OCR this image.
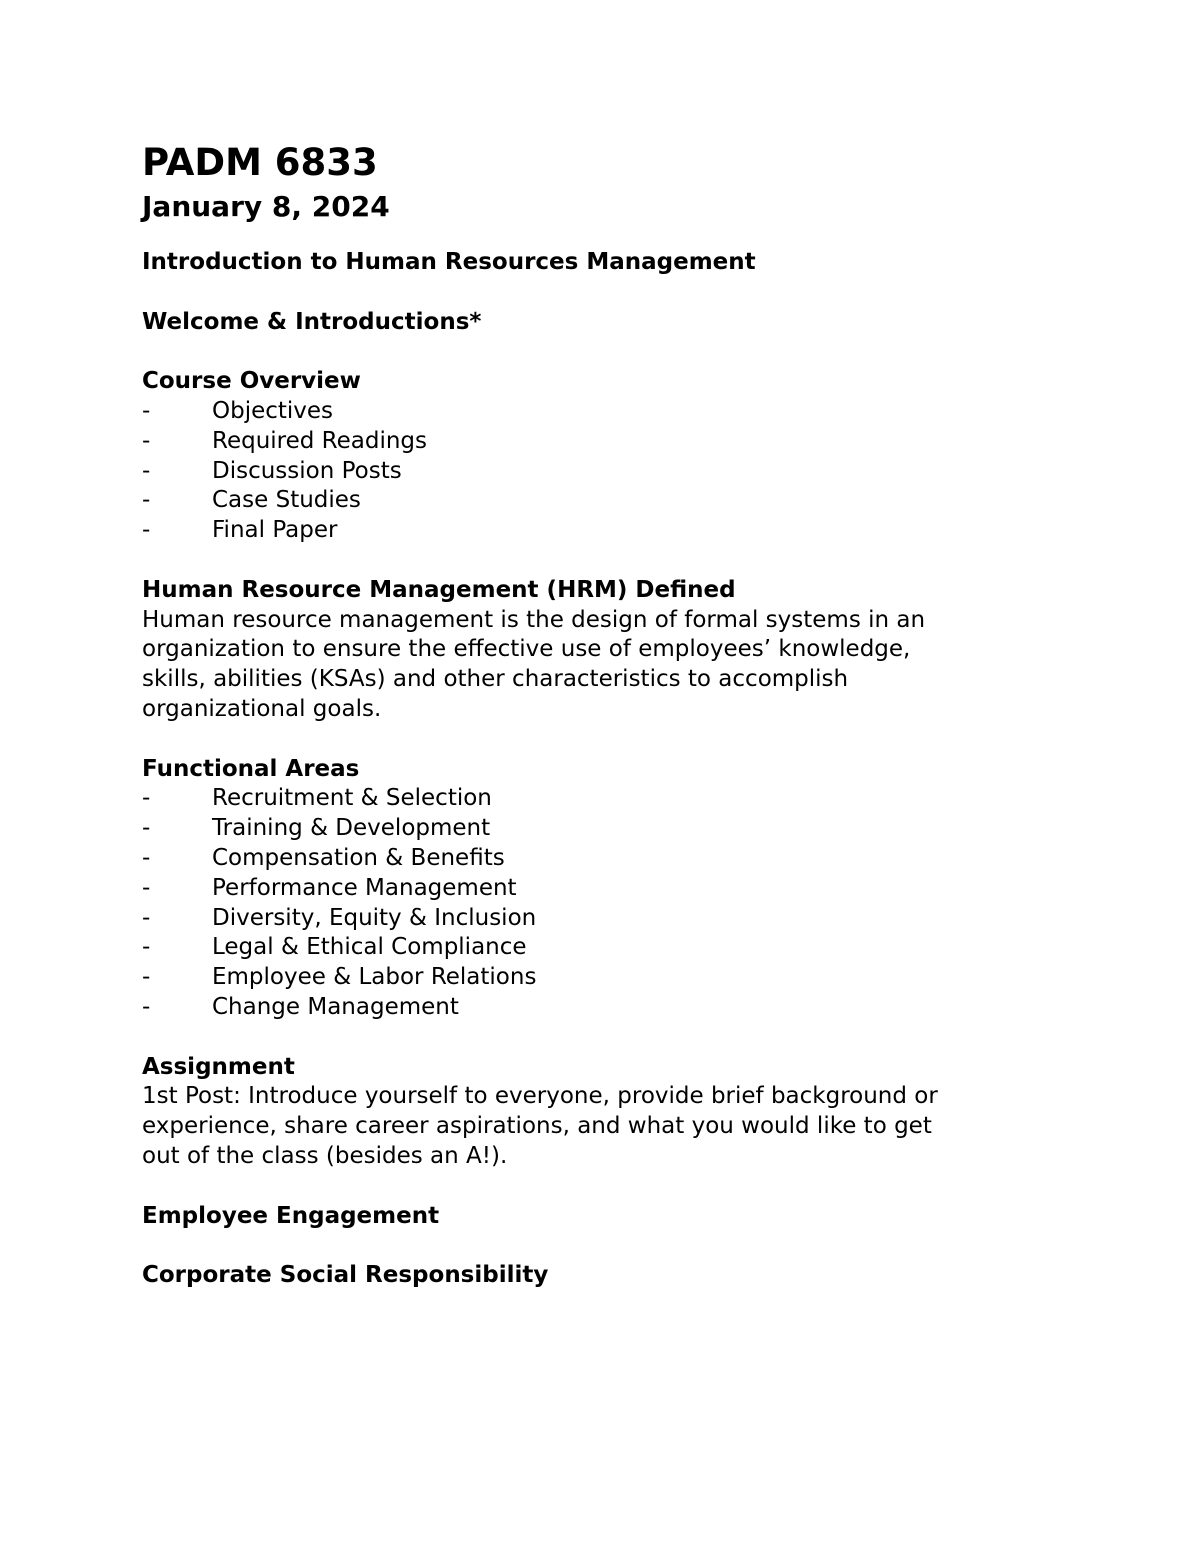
PADM 6833
January 8, 2024

Introduction to Human Resources Management

Welcome & Introductions*

Course Overview

-	Objectives
-	Required Readings
-	Discussion Posts
-	Case Studies
-	Final Paper

Human Resource Management (HRM) Defined

Human resource management is the design of formal systems in an

organization to ensure the effective use of employees’ knowledge,

skills, abilities (KSAs) and other characteristics to accomplish

organizational goals.

Functional Areas

-	Recruitment & Selection
-	Training & Development
-	Compensation & Benefits
-	Performance Management
-	Diversity, Equity & Inclusion
-	Legal & Ethical Compliance
-	Employee & Labor Relations
-	Change Management

Assignment

1st Post: Introduce yourself to everyone, provide brief background or

experience, share career aspirations, and what you would like to get

out of the class (besides an A!).

Employee Engagement

Corporate Social Responsibility
